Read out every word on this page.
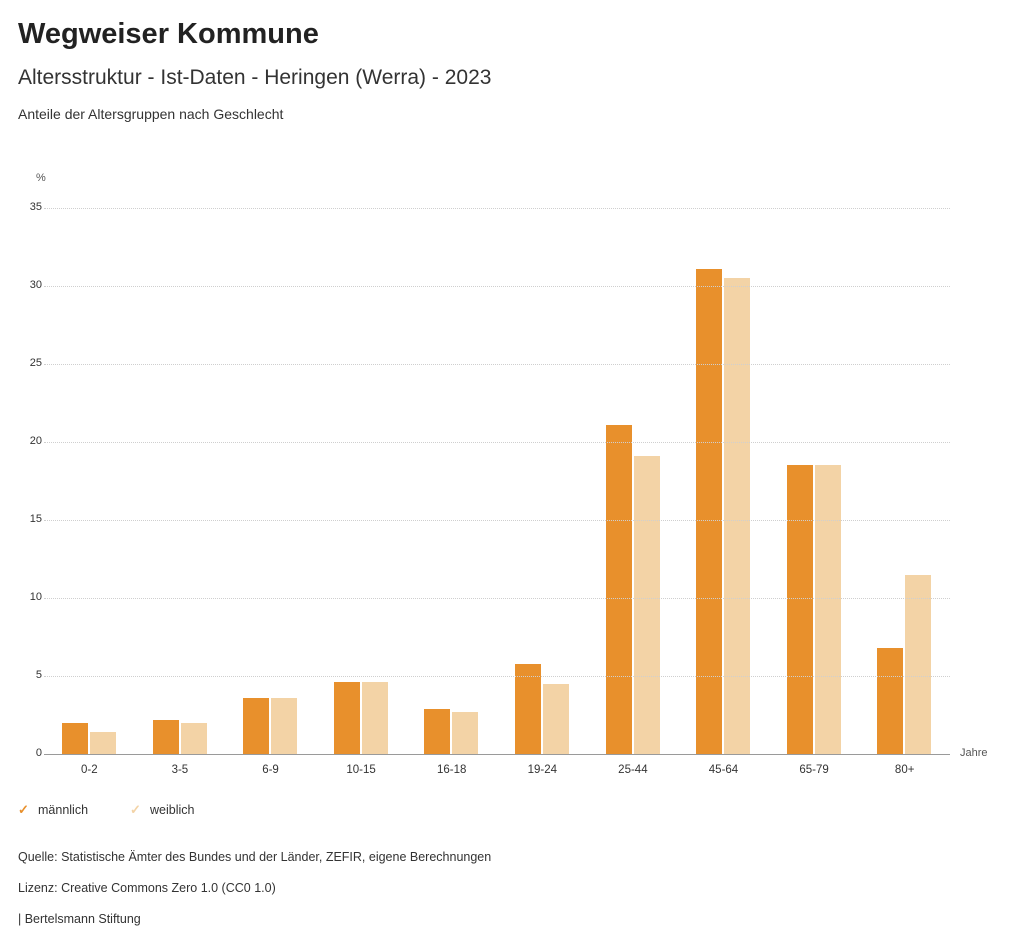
Wegweiser Kommune
Altersstruktur - Ist-Daten - Heringen (Werra) - 2023
Anteile der Altersgruppen nach Geschlecht
%
Jahre
0
5
10
15
20
25
30
35
0-2	3-5	6-9	10-15	16-18	19-24	25-44	45-64	65-79	80+
✓ männlich	✓ weiblich
Quelle: Statistische Ämter des Bundes und der Länder, ZEFIR, eigene Berechnungen
Lizenz: Creative Commons Zero 1.0 (CC0 1.0)
| Bertelsmann Stiftung
